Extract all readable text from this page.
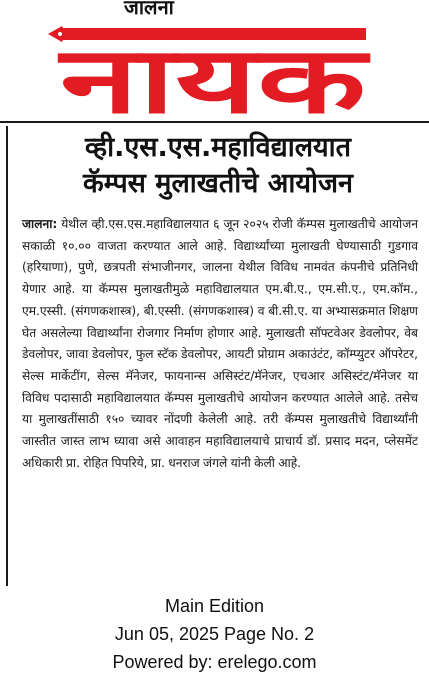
जालना
नायक
व्ही.एस.एस.महाविद्यालयात
कॅम्पस मुलाखतीचे आयोजन
जालना: येथील व्ही.एस.एस.महाविद्यालयात ६ जून २०२५ रोजी कॅम्पस मुलाखतीचे आयोजन सकाळी १०.०० वाजता करण्यात आले आहे. विद्यार्थ्यांच्या मुलाखती घेण्यासाठी गुडगाव (हरियाणा), पुणे, छत्रपती संभाजीनगर, जालना येथील विविध नामवंत कंपनीचे प्रतिनिधी येणार आहे. या कॅम्पस मुलाखतीमुळे महाविद्यालयात एम.बी.ए., एम.सी.ए., एम.कॉम., एम.एस्सी. (संगणकशास्त्र), बी.एस्सी. (संगणकशास्त्र) व बी.सी.ए. या अभ्यासक्रमात शिक्षण घेत असलेल्या विद्यार्थ्यांना रोजगार निर्माण होणार आहे. मुलाखती सॉफ्टवेअर डेवलोपर, वेब डेवलोपर, जावा डेवलोपर, फुल स्टॅक डेवलोपर, आयटी प्रोग्राम अकाउंटंट, कॉम्प्युटर ऑपरेटर, सेल्स मार्केटींग, सेल्स मॅनेजर, फायनान्स असिस्टंट/मॅनेजर, एचआर असिस्टंट/मॅनेजर या विविध पदासाठी महाविद्यालयात कॅम्पस मुलाखतीचे आयोजन करण्यात आलेले आहे. तसेच या मुलाखतींसाठी १५० च्यावर नोंदणी केलेली आहे. तरी कॅम्पस मुलाखतीचे विद्यार्थ्यांनी जास्तीत जास्त लाभ घ्यावा असे आवाहन महाविद्यालयाचे प्राचार्य डॉ. प्रसाद मदन, प्लेसमेंट अधिकारी प्रा. रोहित पिपरिये, प्रा. धनराज जंगले यांनी केली आहे.
Main Edition
Jun 05, 2025 Page No. 2
Powered by: erelego.com
